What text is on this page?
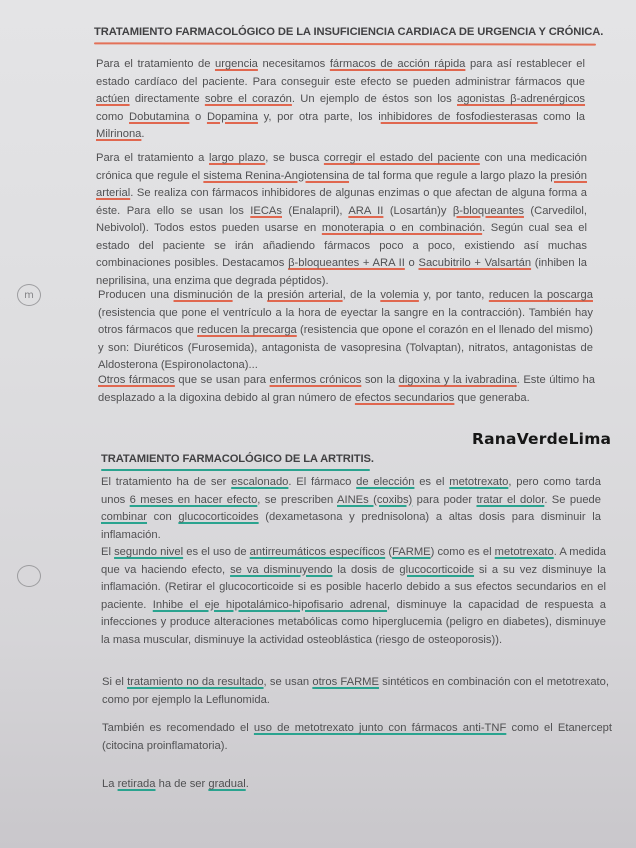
TRATAMIENTO FARMACOLÓGICO DE LA INSUFICIENCIA CARDIACA DE URGENCIA Y CRÓNICA.
Para el tratamiento de urgencia necesitamos fármacos de acción rápida para así restablecer el estado cardíaco del paciente. Para conseguir este efecto se pueden administrar fármacos que actúen directamente sobre el corazón. Un ejemplo de éstos son los agonistas β-adrenérgicos como Dobutamina o Dopamina y, por otra parte, los inhibidores de fosfodiesterasas como la Milrinona.
Para el tratamiento a largo plazo, se busca corregir el estado del paciente con una medicación crónica que regule el sistema Renina-Angiotensina de tal forma que regule a largo plazo la presión arterial. Se realiza con fármacos inhibidores de algunas enzimas o que afectan de alguna forma a éste. Para ello se usan los IECAs (Enalapril), ARA II (Losartán)y β-bloqueantes (Carvedilol, Nebivolol). Todos estos pueden usarse en monoterapia o en combinación. Según cual sea el estado del paciente se irán añadiendo fármacos poco a poco, existiendo así muchas combinaciones posibles. Destacamos β-bloqueantes + ARA II o Sacubitrilo + Valsartán (inhiben la neprilisina, una enzima que degrada péptidos).
m	Producen una disminución de la presión arterial, de la volemia y, por tanto, reducen la poscarga (resistencia que pone el ventrículo a la hora de eyectar la sangre en la contracción). También hay otros fármacos que reducen la precarga (resistencia que opone el corazón en el llenado del mismo) y son: Diuréticos (Furosemida), antagonista de vasopresina (Tolvaptan), nitratos, antagonistas de Aldosterona (Espironolactona)...
Otros fármacos que se usan para enfermos crónicos son la digoxina y la ivabradina. Este último ha desplazado a la digoxina debido al gran número de efectos secundarios que generaba.
RanaVerdeLima
TRATAMIENTO FARMACOLÓGICO DE LA ARTRITIS.
El tratamiento ha de ser escalonado. El fármaco de elección es el metotrexato, pero como tarda unos 6 meses en hacer efecto, se prescriben AINEs (coxibs) para poder tratar el dolor. Se puede combinar con glucocorticoides (dexametasona y prednisolona) a altas dosis para disminuir la inflamación.
El segundo nivel es el uso de antirreumáticos específicos (FARME) como es el metotrexato. A medida que va haciendo efecto, se va disminuyendo la dosis de glucocorticoide si a su vez disminuye la inflamación. (Retirar el glucocorticoide si es posible hacerlo debido a sus efectos secundarios en el paciente. Inhibe el eje hipotalámico-hipofisario adrenal, disminuye la capacidad de respuesta a infecciones y produce alteraciones metabólicas como hiperglucemia (peligro en diabetes), disminuye la masa muscular, disminuye la actividad osteoblástica (riesgo de osteoporosis)).
Si el tratamiento no da resultado, se usan otros FARME sintéticos en combinación con el metotrexato, como por ejemplo la Leflunomida.
También es recomendado el uso de metotrexato junto con fármacos anti-TNF como el Etanercept (citocina proinflamatoria).
La retirada ha de ser gradual.
